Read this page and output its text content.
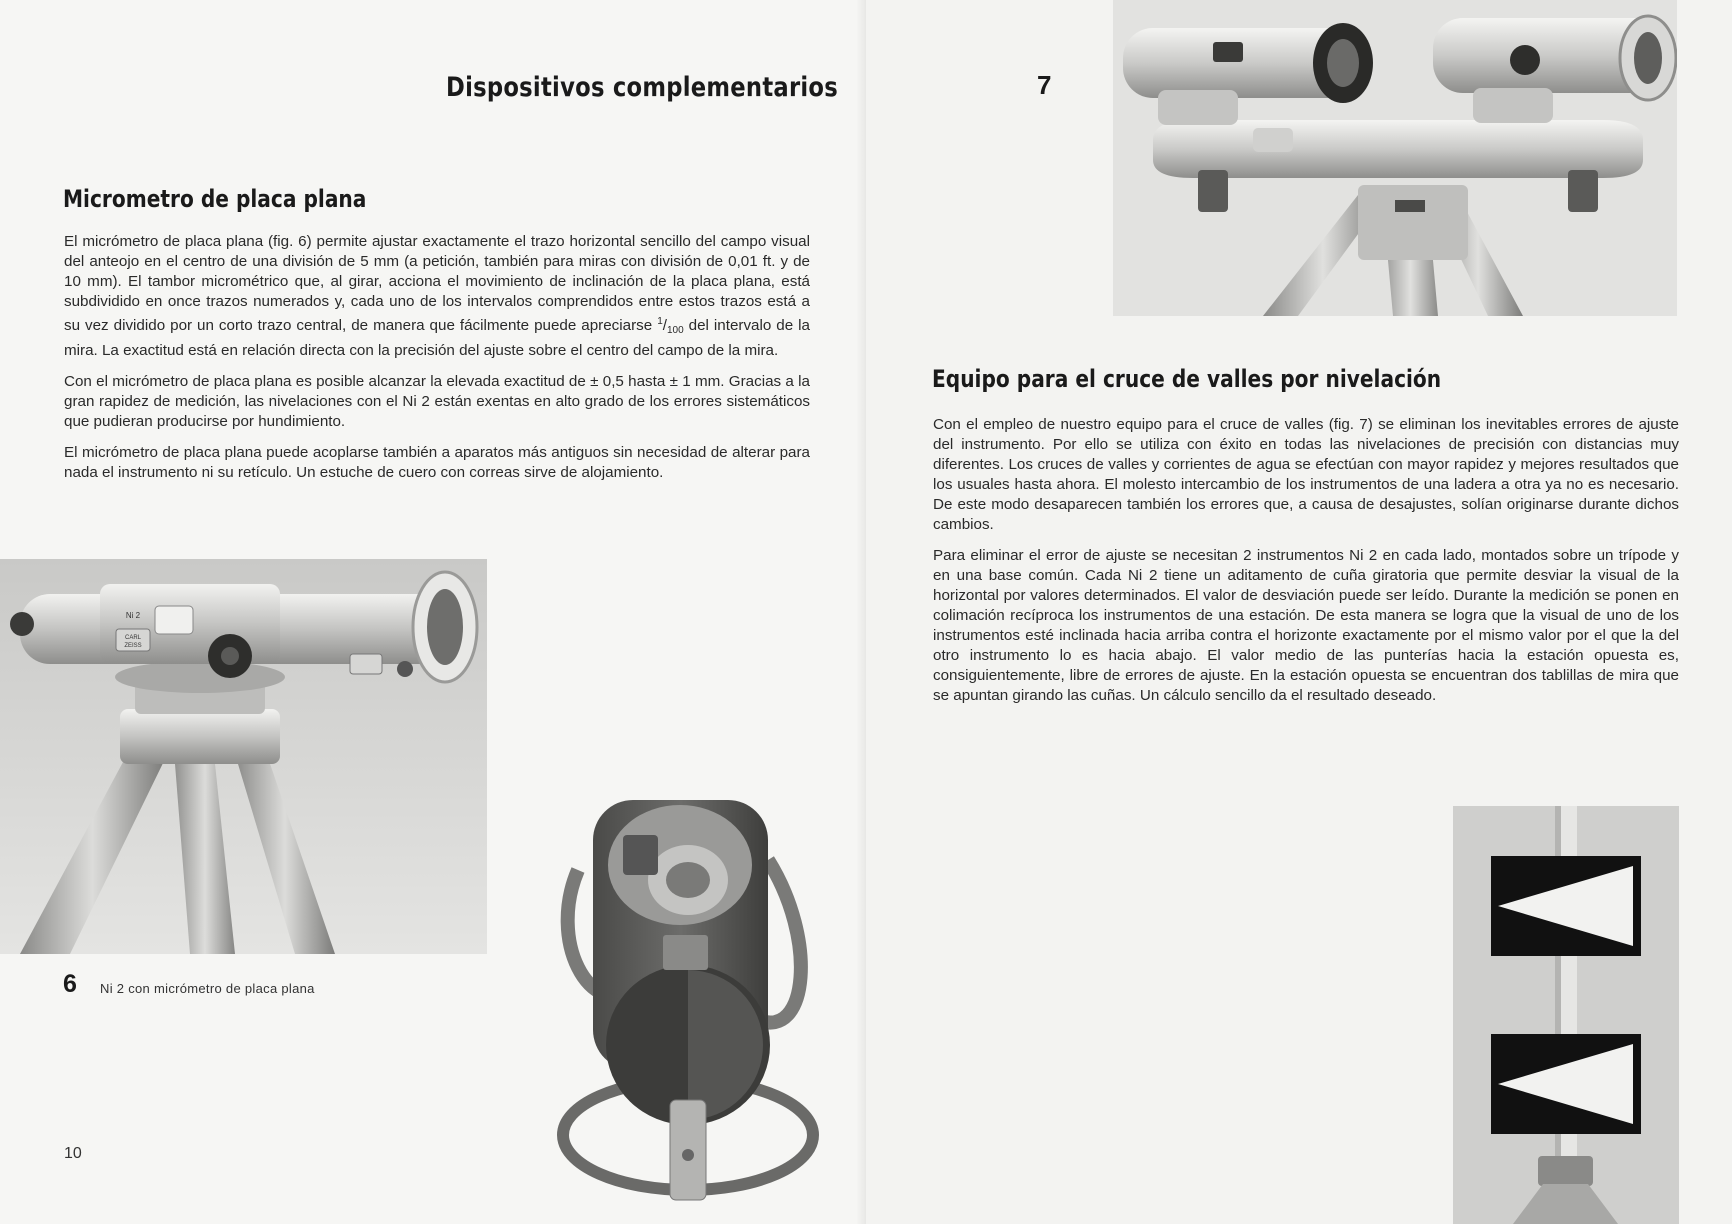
Dispositivos complementarios
Micrometro de placa plana

El micrómetro de placa plana (fig. 6) permite ajustar exactamente el trazo horizontal sencillo del campo visual del anteojo en el centro de una división de 5 mm (a petición, también para miras con división de 0,01 ft. y de 10 mm). El tambor micrométrico que, al girar, acciona el movimiento de inclinación de la placa plana, está subdividido en once trazos numerados y, cada uno de los intervalos comprendidos entre estos trazos está a su vez dividido por un corto trazo central, de manera que fácilmente puede apreciarse $^1/_{100}$ del intervalo de la mira. La exactitud está en relación directa con la precisión del ajuste sobre el centro del campo de la mira.

Con el micrómetro de placa plana es posible alcanzar la elevada exactitud de ± 0,5 hasta ± 1 mm. Gracias a la gran rapidez de medición, las nivelaciones con el Ni 2 están exentas en alto grado de los errores sistemáticos que pudieran producirse por hundimiento.

El micrómetro de placa plana puede acoplarse también a aparatos más antiguos sin necesidad de alterar para nada el instrumento ni su retículo. Un estuche de cuero con correas sirve de alojamiento.

Ni 2
CARL
ZEISS
6 Ni 2 con micrómetro de placa plana
10
7
Equipo para el cruce de valles por nivelación

Con el empleo de nuestro equipo para el cruce de valles (fig. 7) se eliminan los inevitables errores de ajuste del instrumento. Por ello se utiliza con éxito en todas las nivelaciones de precisión con distancias muy diferentes. Los cruces de valles y corrientes de agua se efectúan con mayor rapidez y mejores resultados que los usuales hasta ahora. El molesto intercambio de los instrumentos de una ladera a otra ya no es necesario. De este modo desaparecen también los errores que, a causa de desajustes, solían originarse durante dichos cambios.

Para eliminar el error de ajuste se necesitan 2 instrumentos Ni 2 en cada lado, montados sobre un trípode y en una base común. Cada Ni 2 tiene un aditamento de cuña giratoria que permite desviar la visual de la horizontal por valores determinados. El valor de desviación puede ser leído. Durante la medición se ponen en colimación recíproca los instrumentos de una estación. De esta manera se logra que la visual de uno de los instrumentos esté inclinada hacia arriba contra el horizonte exactamente por el mismo valor por el que la del otro instrumento lo es hacia abajo. El valor medio de las punterías hacia la estación opuesta es, consiguientemente, libre de errores de ajuste. En la estación opuesta se encuentran dos tablillas de mira que se apuntan girando las cuñas. Un cálculo sencillo da el resultado deseado.
